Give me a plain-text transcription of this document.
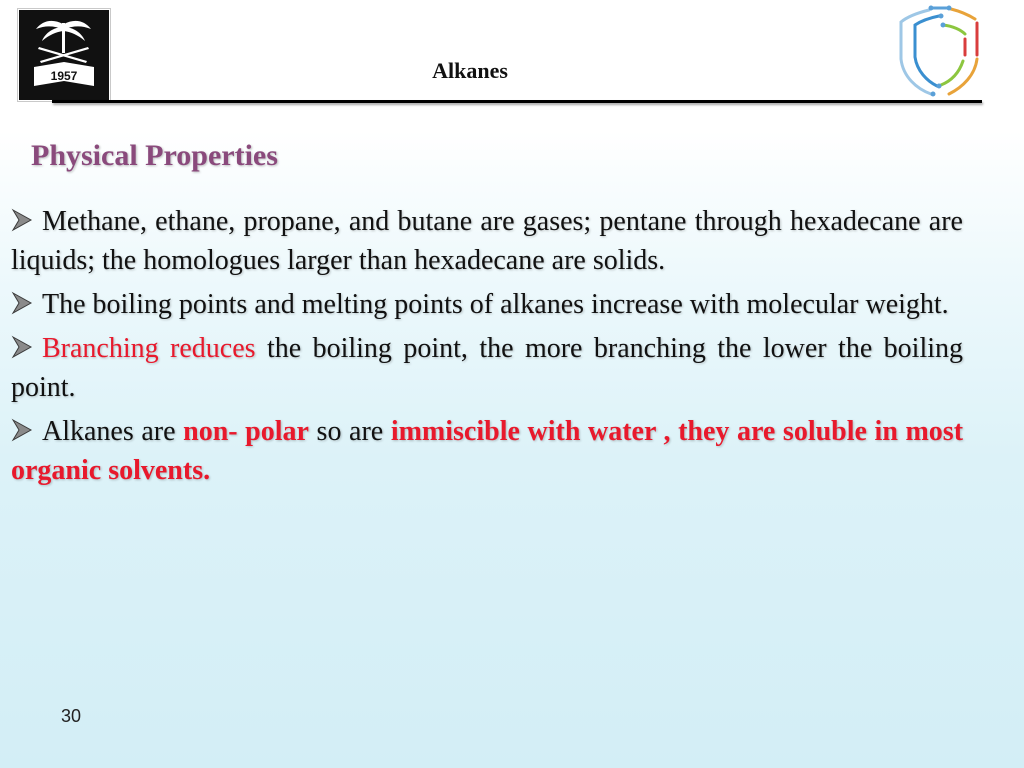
1957	Alkanes
Physical Properties
Methane, ethane, propane, and butane are gases; pentane through hexadecane are liquids; the homologues larger than hexadecane are solids.
The boiling points and melting points of alkanes increase with molecular weight.
Branching reduces the boiling point, the more branching the lower the boiling point.
Alkanes are non- polar so are immiscible with water , they are soluble in most organic solvents.
30
